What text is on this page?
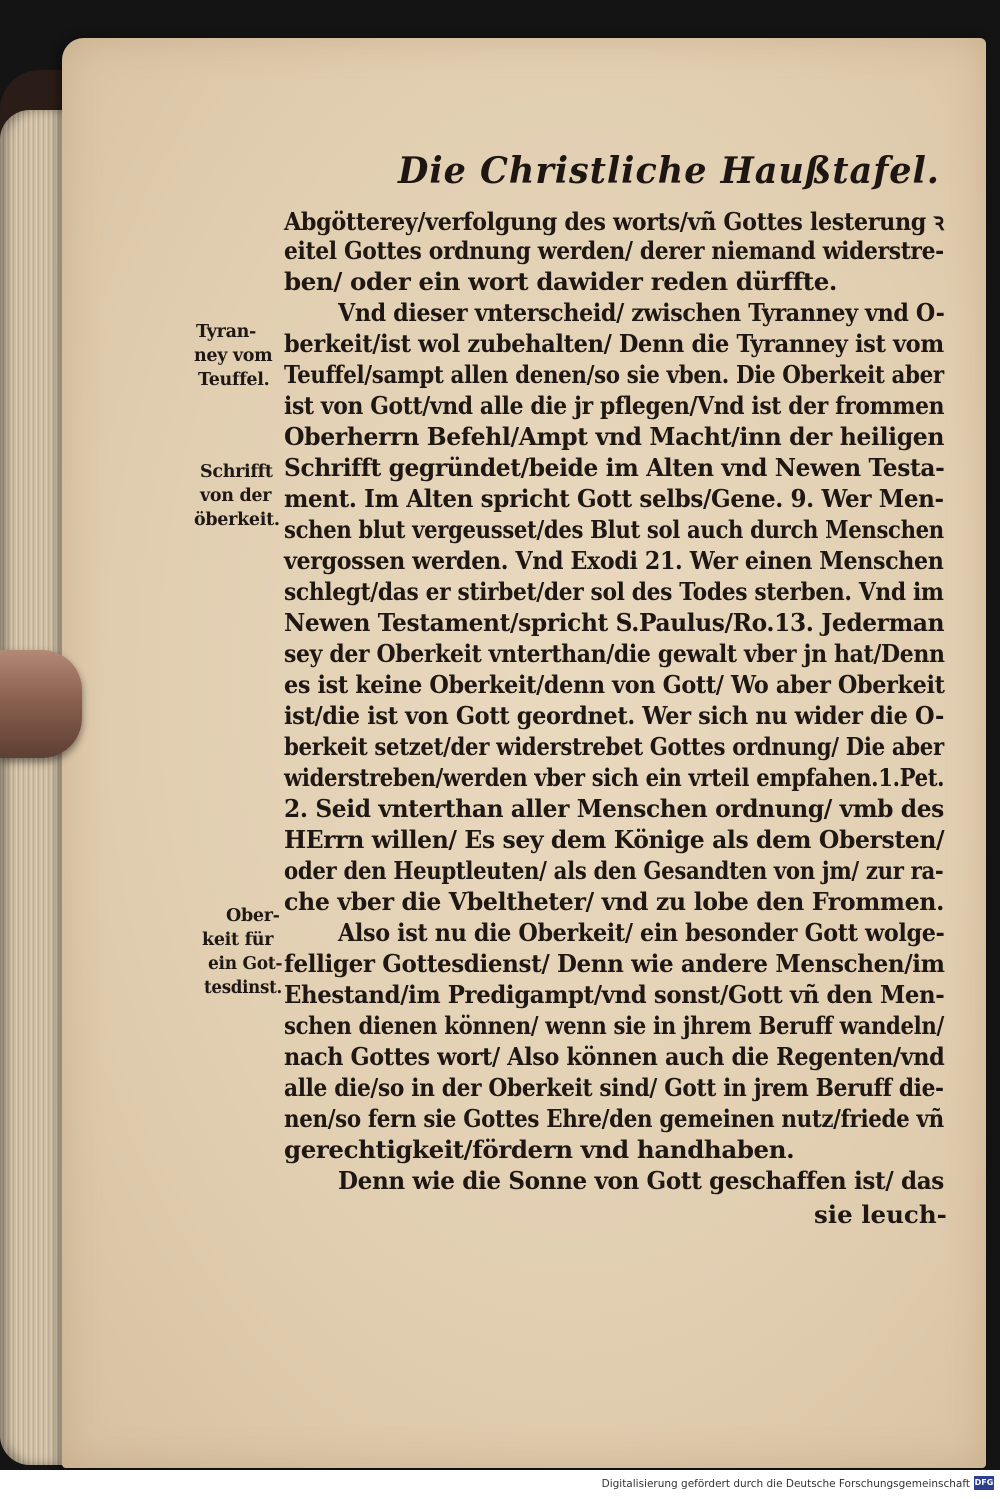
Die Christliche Haußtafel.
Tyran-
ney vom
Teuffel.
Schrifft
von der
öberkeit.
Ober-
keit für
ein Got-
tesdinst.
Abgötterey/verfolgung des worts/vñ Gottes lesterung ꝛ
eitel Gottes ordnung werden/ derer niemand widerstre-
ben/ oder ein wort dawider reden dürffte.
Vnd dieser vnterscheid/ zwischen Tyranney vnd O-
berkeit/ist wol zubehalten/ Denn die Tyranney ist vom
Teuffel/sampt allen denen/so sie vben. Die Oberkeit aber
ist von Gott/vnd alle die jr pflegen/Vnd ist der frommen
Oberherrn Befehl/Ampt vnd Macht/inn der heiligen
Schrifft gegründet/beide im Alten vnd Newen Testa-
ment. Im Alten spricht Gott selbs/Gene. 9. Wer Men-
schen blut vergeusset/des Blut sol auch durch Menschen
vergossen werden. Vnd Exodi 21. Wer einen Menschen
schlegt/das er stirbet/der sol des Todes sterben. Vnd im
Newen Testament/spricht S.Paulus/Ro.13. Jederman
sey der Oberkeit vnterthan/die gewalt vber jn hat/Denn
es ist keine Oberkeit/denn von Gott/ Wo aber Oberkeit
ist/die ist von Gott geordnet. Wer sich nu wider die O-
berkeit setzet/der widerstrebet Gottes ordnung/ Die aber
widerstreben/werden vber sich ein vrteil empfahen.1.Pet.
2. Seid vnterthan aller Menschen ordnung/ vmb des
HErrn willen/ Es sey dem Könige als dem Obersten/
oder den Heuptleuten/ als den Gesandten von jm/ zur ra-
che vber die Vbeltheter/ vnd zu lobe den Frommen.
Also ist nu die Oberkeit/ ein besonder Gott wolge-
felliger Gottesdienst/ Denn wie andere Menschen/im
Ehestand/im Predigampt/vnd sonst/Gott vñ den Men-
schen dienen können/ wenn sie in jhrem Beruff wandeln/
nach Gottes wort/ Also können auch die Regenten/vnd
alle die/so in der Oberkeit sind/ Gott in jrem Beruff die-
nen/so fern sie Gottes Ehre/den gemeinen nutz/friede vñ
gerechtigkeit/fördern vnd handhaben.
Denn wie die Sonne von Gott geschaffen ist/ das
sie leuch-
Digitalisierung gefördert durch die Deutsche Forschungsgemeinschaft DFG
